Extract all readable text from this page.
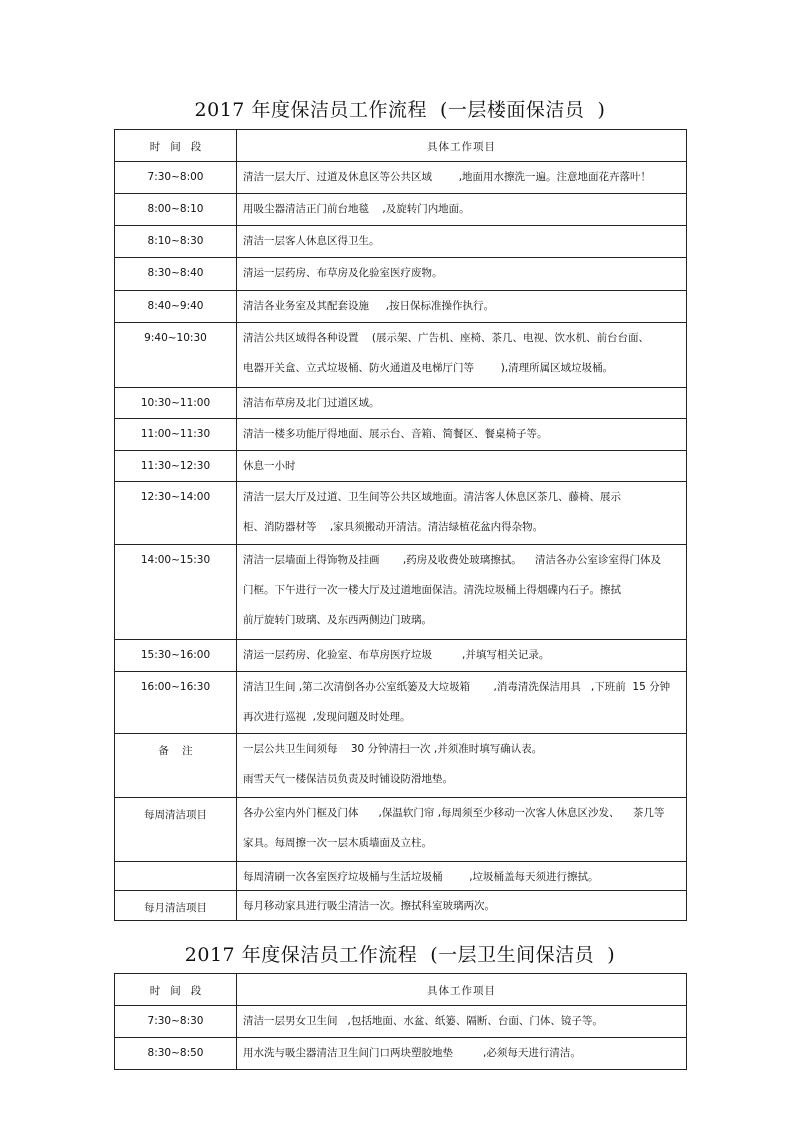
2017 年度保洁员工作流程  (一层楼面保洁员  )
时间段	具体工作项目
7:30~8:00	清洁一层大厅、过道及休息区等公共区域        ,地面用水擦洗一遍。注意地面花卉落叶！

8:00~8:10	用吸尘器清洁正门前台地毯    ,及旋转门内地面。

8:10~8:30	清洁一层客人休息区得卫生。

8:30~8:40	清运一层药房、布草房及化验室医疗废物。

8:40~9:40	清洁各业务室及其配套设施     ,按日保标准操作执行。

9:40~10:30	清洁公共区域得各种设置    (展示架、广告机、座椅、茶几、电视、饮水机、前台台面、
电器开关盒、立式垃圾桶、防火通道及电梯厅门等        ),清理所属区域垃圾桶。

10:30~11:00	清洁布草房及北门过道区域。

11:00~11:30	清洁一楼多功能厅得地面、展示台、音箱、简餐区、餐桌椅子等。

11:30~12:30	休息一小时

12:30~14:00	清洁一层大厅及过道、卫生间等公共区域地面。清洁客人休息区茶几、藤椅、展示
柜、消防器材等    ,家具须搬动开清洁。清洁绿植花盆内得杂物。

14:00~15:30	清洁一层墙面上得饰物及挂画       ,药房及收费处玻璃擦拭。    清洁各办公室诊室得门体及
门框。下午进行一次一楼大厅及过道地面保洁。清洗垃圾桶上得烟碟内石子。擦拭
前厅旋转门玻璃、及东西两侧边门玻璃。

15:30~16:00	清运一层药房、化验室、布草房医疗垃圾         ,并填写相关记录。

16:00~16:30	清洁卫生间 ,第二次清倒各办公室纸篓及大垃圾箱       ,消毒清洗保洁用具   ,下班前  15 分钟
再次进行巡视  ,发现问题及时处理。

备    注	一层公共卫生间须每    30 分钟清扫一次 ,并须准时填写确认表。
雨雪天气一楼保洁员负责及时铺设防滑地垫。

每周清洁项目	各办公室内外门框及门体      ,保温软门帘 ,每周须至少移动一次客人休息区沙发、    茶几等
家具。每周擦一次一层木质墙面及立柱。

	每周清刷一次各室医疗垃圾桶与生活垃圾桶        ,垃圾桶盖每天须进行擦拭。

每月清洁项目	每月移动家具进行吸尘清洁一次。擦拭科室玻璃两次。
2017 年度保洁员工作流程  (一层卫生间保洁员  )
时间段	具体工作项目
7:30~8:30	清洁一层男女卫生间   ,包括地面、水盆、纸篓、隔断、台面、门体、镜子等。

8:30~8:50	用水洗与吸尘器清洁卫生间门口两块塑胶地垫         ,必须每天进行清洁。
